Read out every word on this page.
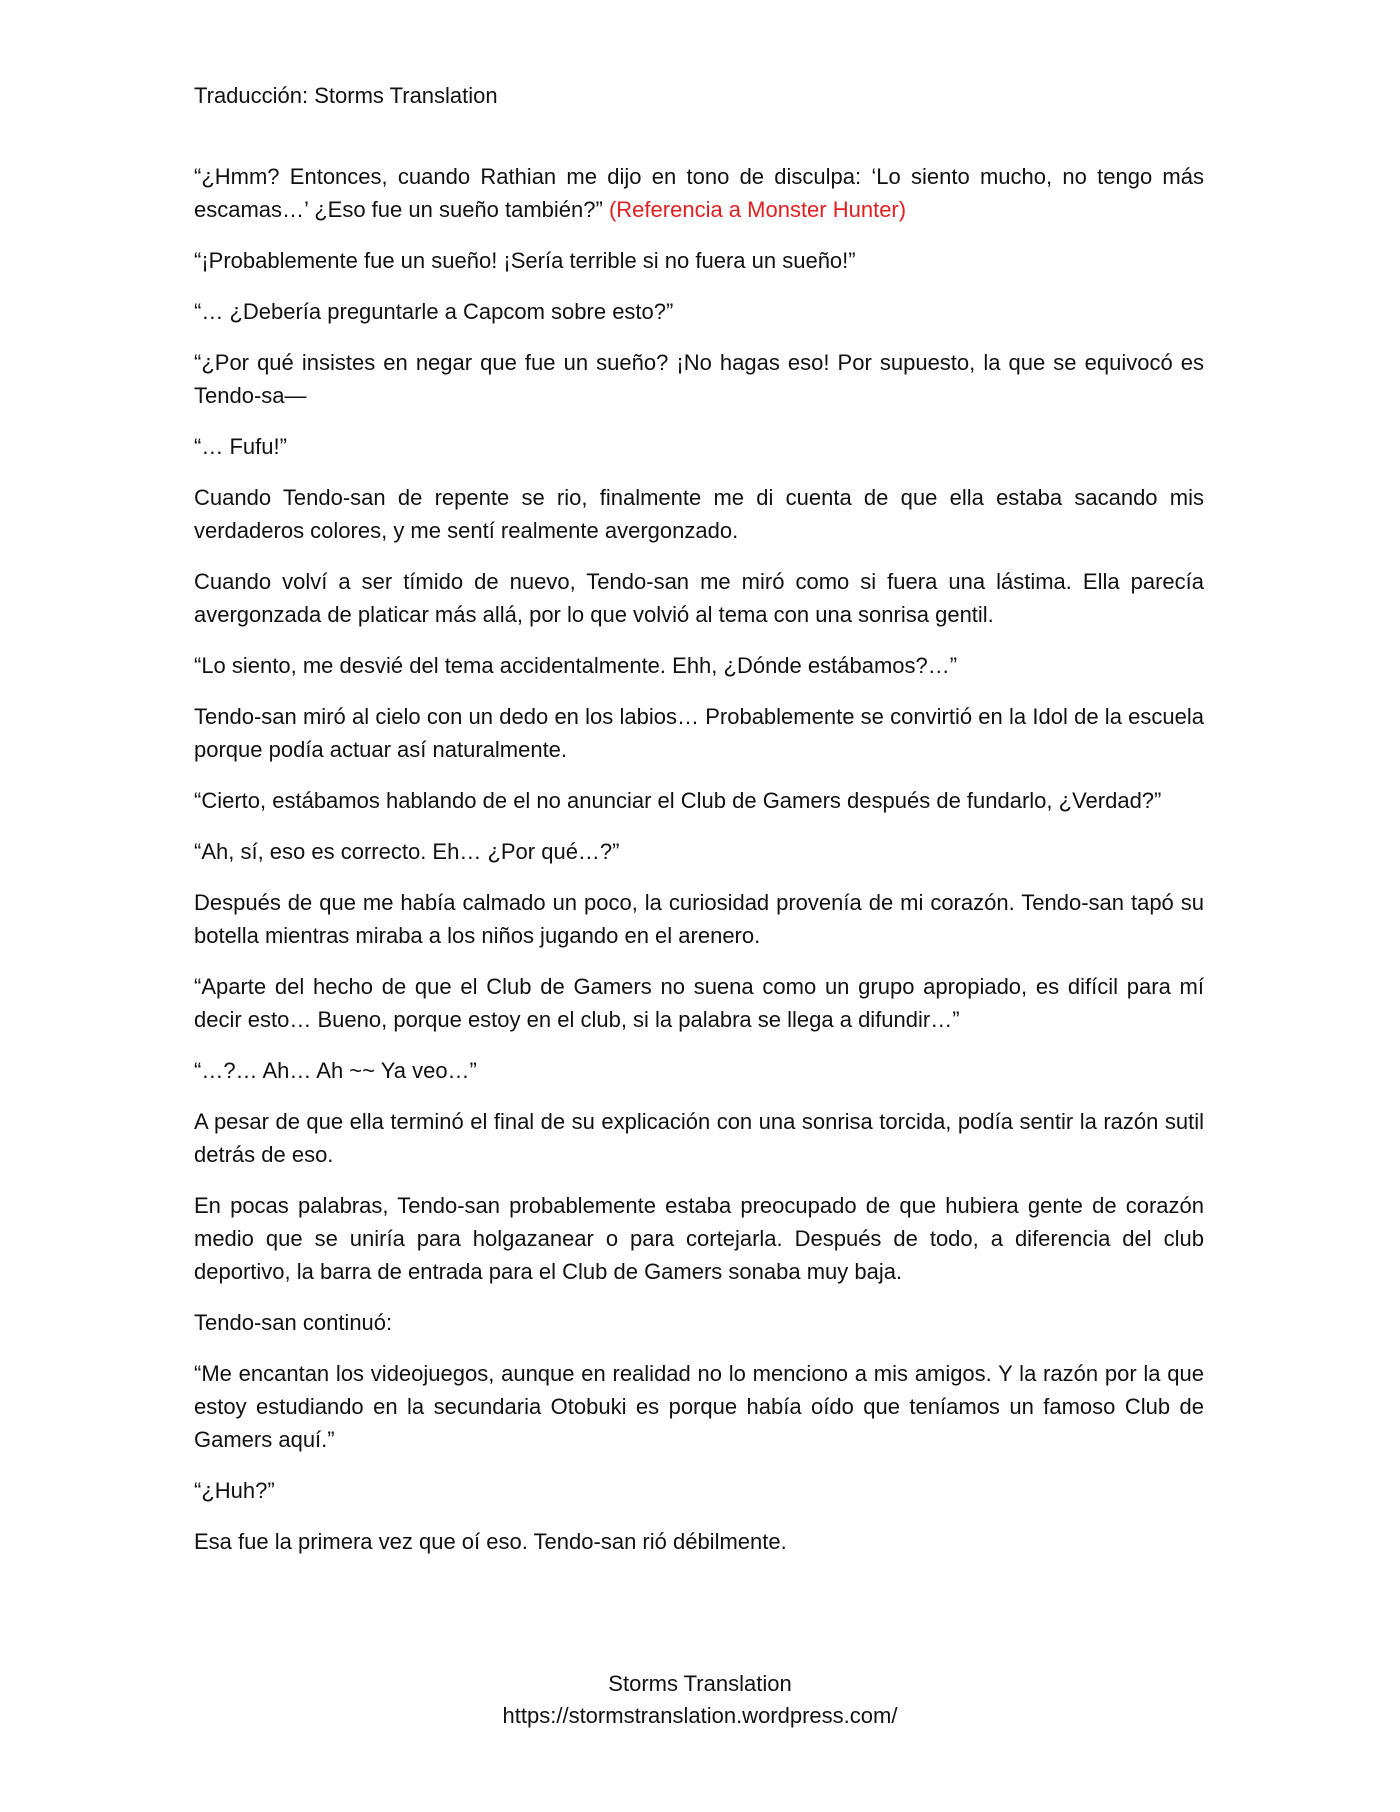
Traducción: Storms Translation

“¿Hmm? Entonces, cuando Rathian me dijo en tono de disculpa: ‘Lo siento mucho, no tengo más escamas…’ ¿Eso fue un sueño también?” (Referencia a Monster Hunter)

“¡Probablemente fue un sueño! ¡Sería terrible si no fuera un sueño!”

“… ¿Debería preguntarle a Capcom sobre esto?”

“¿Por qué insistes en negar que fue un sueño? ¡No hagas eso! Por supuesto, la que se equivocó es Tendo-sa—

“… Fufu!”

Cuando Tendo-san de repente se rio, finalmente me di cuenta de que ella estaba sacando mis verdaderos colores, y me sentí realmente avergonzado.

Cuando volví a ser tímido de nuevo, Tendo-san me miró como si fuera una lástima. Ella parecía avergonzada de platicar más allá, por lo que volvió al tema con una sonrisa gentil.

“Lo siento, me desvié del tema accidentalmente. Ehh, ¿Dónde estábamos?…”

Tendo-san miró al cielo con un dedo en los labios… Probablemente se convirtió en la Idol de la escuela porque podía actuar así naturalmente.

“Cierto, estábamos hablando de el no anunciar el Club de Gamers después de fundarlo, ¿Verdad?”

“Ah, sí, eso es correcto. Eh… ¿Por qué…?”

Después de que me había calmado un poco, la curiosidad provenía de mi corazón. Tendo-san tapó su botella mientras miraba a los niños jugando en el arenero.

“Aparte del hecho de que el Club de Gamers no suena como un grupo apropiado, es difícil para mí decir esto… Bueno, porque estoy en el club, si la palabra se llega a difundir…”

“…?… Ah… Ah ~~ Ya veo…”

A pesar de que ella terminó el final de su explicación con una sonrisa torcida, podía sentir la razón sutil detrás de eso.

En pocas palabras, Tendo-san probablemente estaba preocupado de que hubiera gente de corazón medio que se uniría para holgazanear o para cortejarla. Después de todo, a diferencia del club deportivo, la barra de entrada para el Club de Gamers sonaba muy baja.

Tendo-san continuó:

“Me encantan los videojuegos, aunque en realidad no lo menciono a mis amigos. Y la razón por la que estoy estudiando en la secundaria Otobuki es porque había oído que teníamos un famoso Club de Gamers aquí.”

“¿Huh?”

Esa fue la primera vez que oí eso. Tendo-san rió débilmente.

Storms Translation
https://stormstranslation.wordpress.com/
